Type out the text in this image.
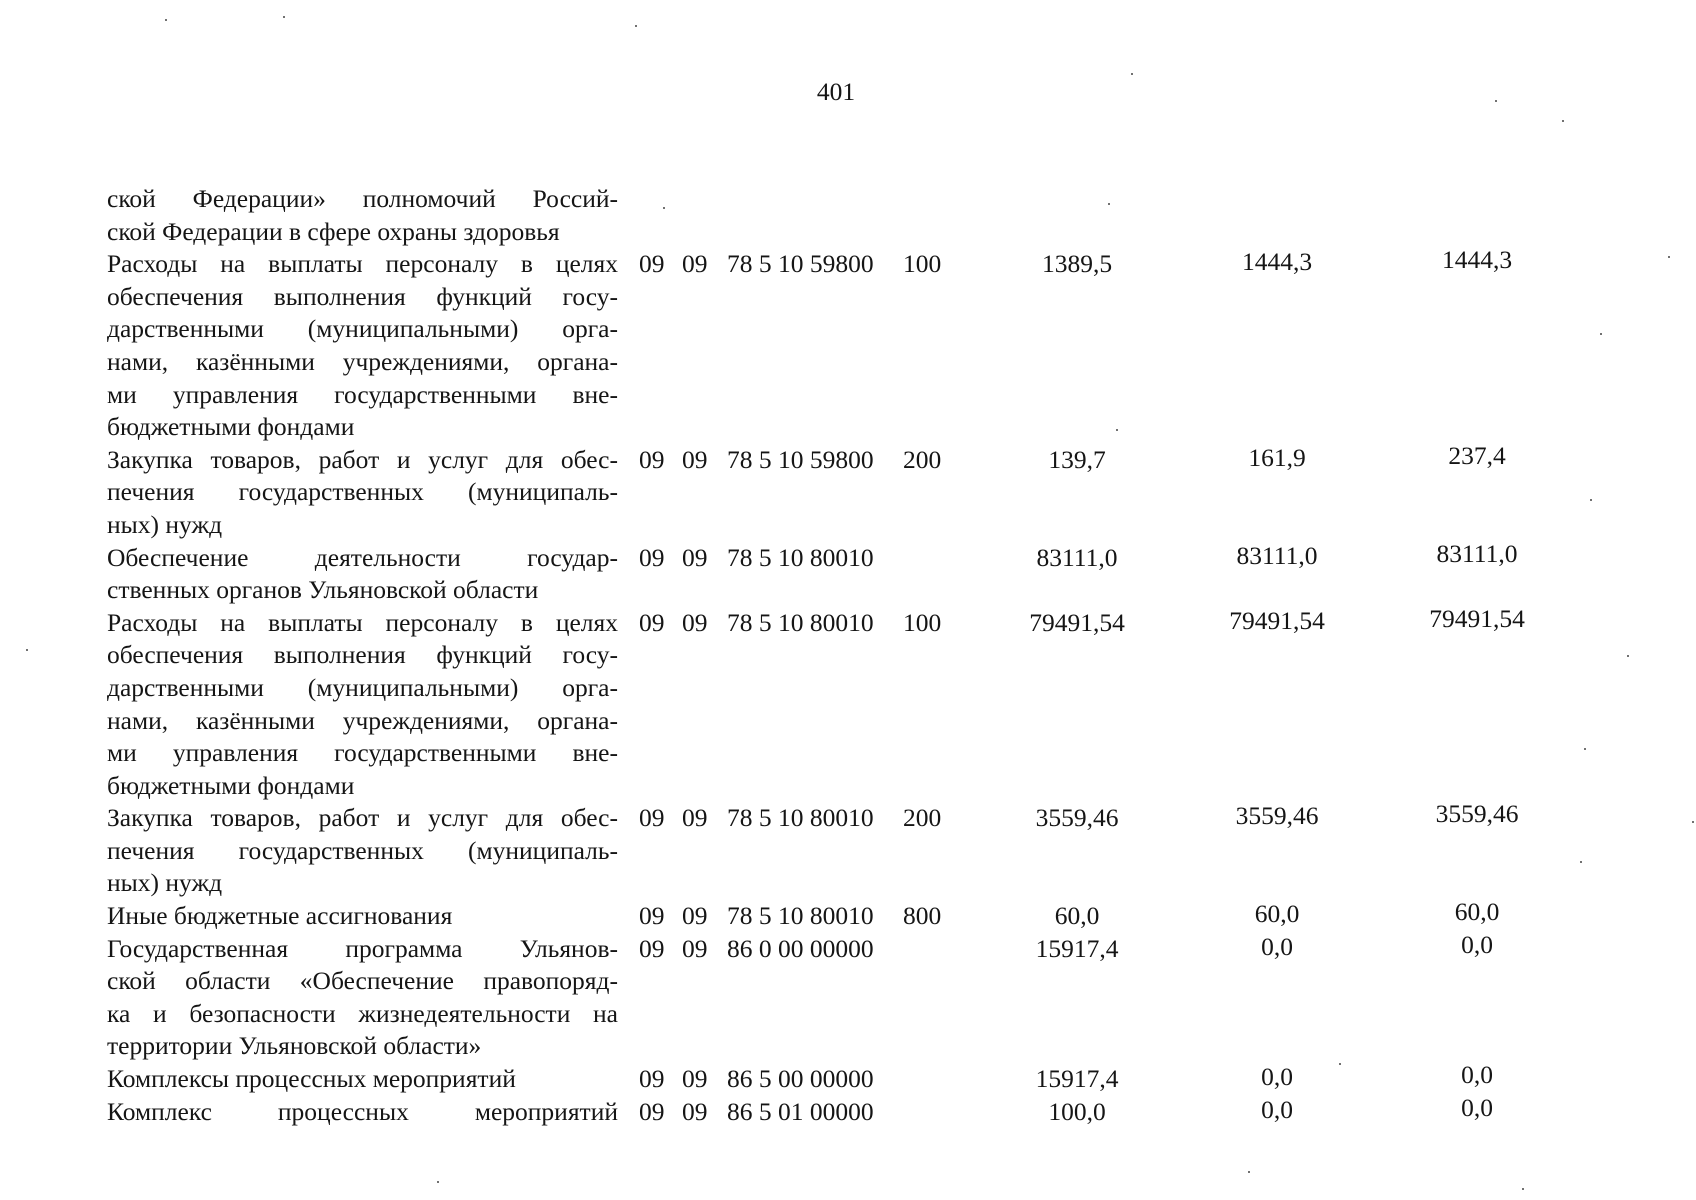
401
ской Федерации» полномочий Россий-
ской Федерации в сфере охраны здоровья
Расходы на выплаты персоналу в целях
обеспечения выполнения функций госу-
дарственными (муниципальными) орга-
нами, казёнными учреждениями, органа-
ми управления государственными вне-
бюджетными фондами
09 09 78 5 10 59800 100	1389,5	1444,3	1444,3
Закупка товаров, работ и услуг для обес-
печения государственных (муниципаль-
ных) нужд
09 09 78 5 10 59800 200	139,7	161,9	237,4
Обеспечение деятельности государ-
ственных органов Ульяновской области
09 09 78 5 10 80010	83111,0	83111,0	83111,0
Расходы на выплаты персоналу в целях
обеспечения выполнения функций госу-
дарственными (муниципальными) орга-
нами, казёнными учреждениями, органа-
ми управления государственными вне-
бюджетными фондами
09 09 78 5 10 80010 100	79491,54	79491,54	79491,54
Закупка товаров, работ и услуг для обес-
печения государственных (муниципаль-
ных) нужд
09 09 78 5 10 80010 200	3559,46	3559,46	3559,46
Иные бюджетные ассигнования	09 09 78 5 10 80010 800	60,0	60,0	60,0
Государственная программа Ульянов-
ской области «Обеспечение правопоряд-
ка и безопасности жизнедеятельности на
территории Ульяновской области»
09 09 86 0 00 00000	15917,4	0,0	0,0
Комплексы процессных мероприятий	09 09 86 5 00 00000	15917,4	0,0	0,0
Комплекс процессных мероприятий 09 09 86 5 01 00000	100,0	0,0	0,0
